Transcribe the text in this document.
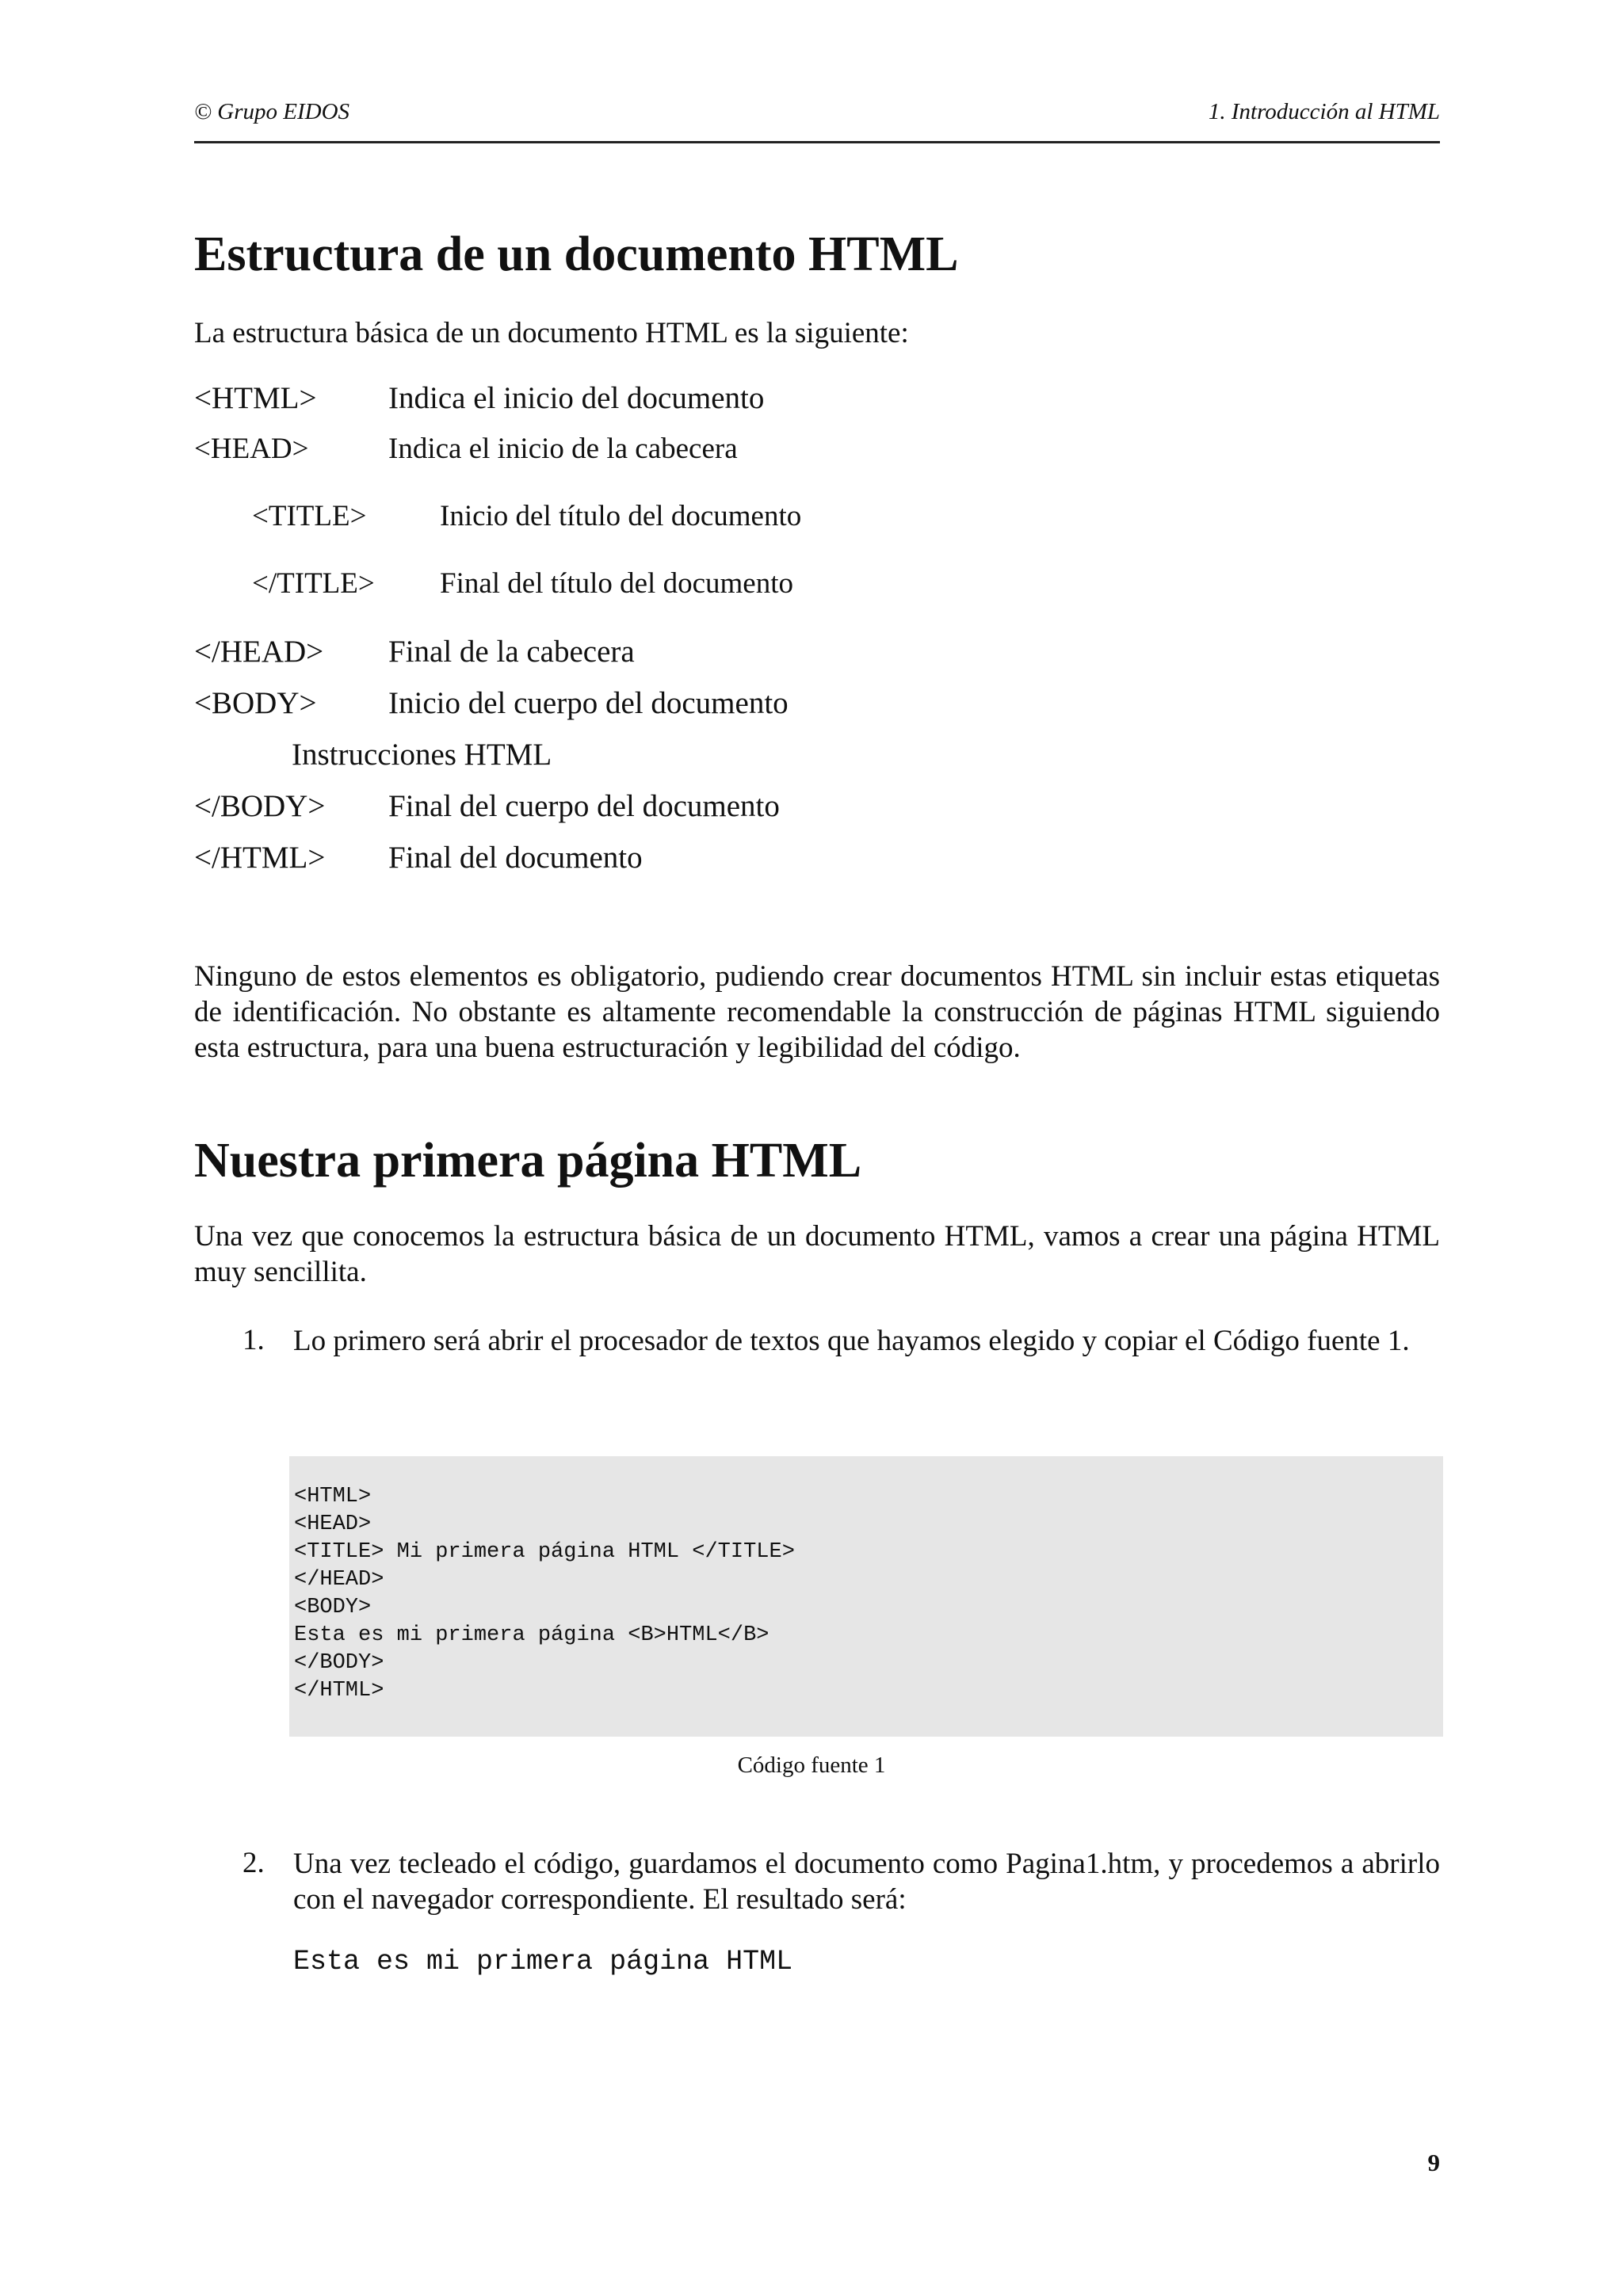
© Grupo EIDOS	1. Introducción al HTML
Estructura de un documento HTML

La estructura básica de un documento HTML es la siguiente:

<HTML> Indica el inicio del documento
<HEAD>	Indica el inicio de la cabecera
<TITLE>	Inicio del título del documento
</TITLE> Final del título del documento
</HEAD> Final de la cabecera
<BODY> Inicio del cuerpo del documento
Instrucciones HTML
</BODY> Final del cuerpo del documento
</HTML> Final del documento

Ninguno de estos elementos es obligatorio, pudiendo crear documentos HTML sin incluir estas etiquetas de identificación. No obstante es altamente recomendable la construcción de páginas HTML siguiendo esta estructura, para una buena estructuración y legibilidad del código.

Nuestra primera página HTML

Una vez que conocemos la estructura básica de un documento HTML, vamos a crear una página HTML muy sencillita.

1. Lo primero será abrir el procesador de textos que hayamos elegido y copiar el Código fuente 1.

<HTML>
<HEAD>
<TITLE> Mi primera página HTML </TITLE>
</HEAD>
<BODY>
Esta es mi primera página <B>HTML</B>
</BODY>
</HTML>
Código fuente 1
2. Una vez tecleado el código, guardamos el documento como Pagina1.htm, y procedemos a abrirlo con el navegador correspondiente. El resultado será:

Esta es mi primera página HTML
9
